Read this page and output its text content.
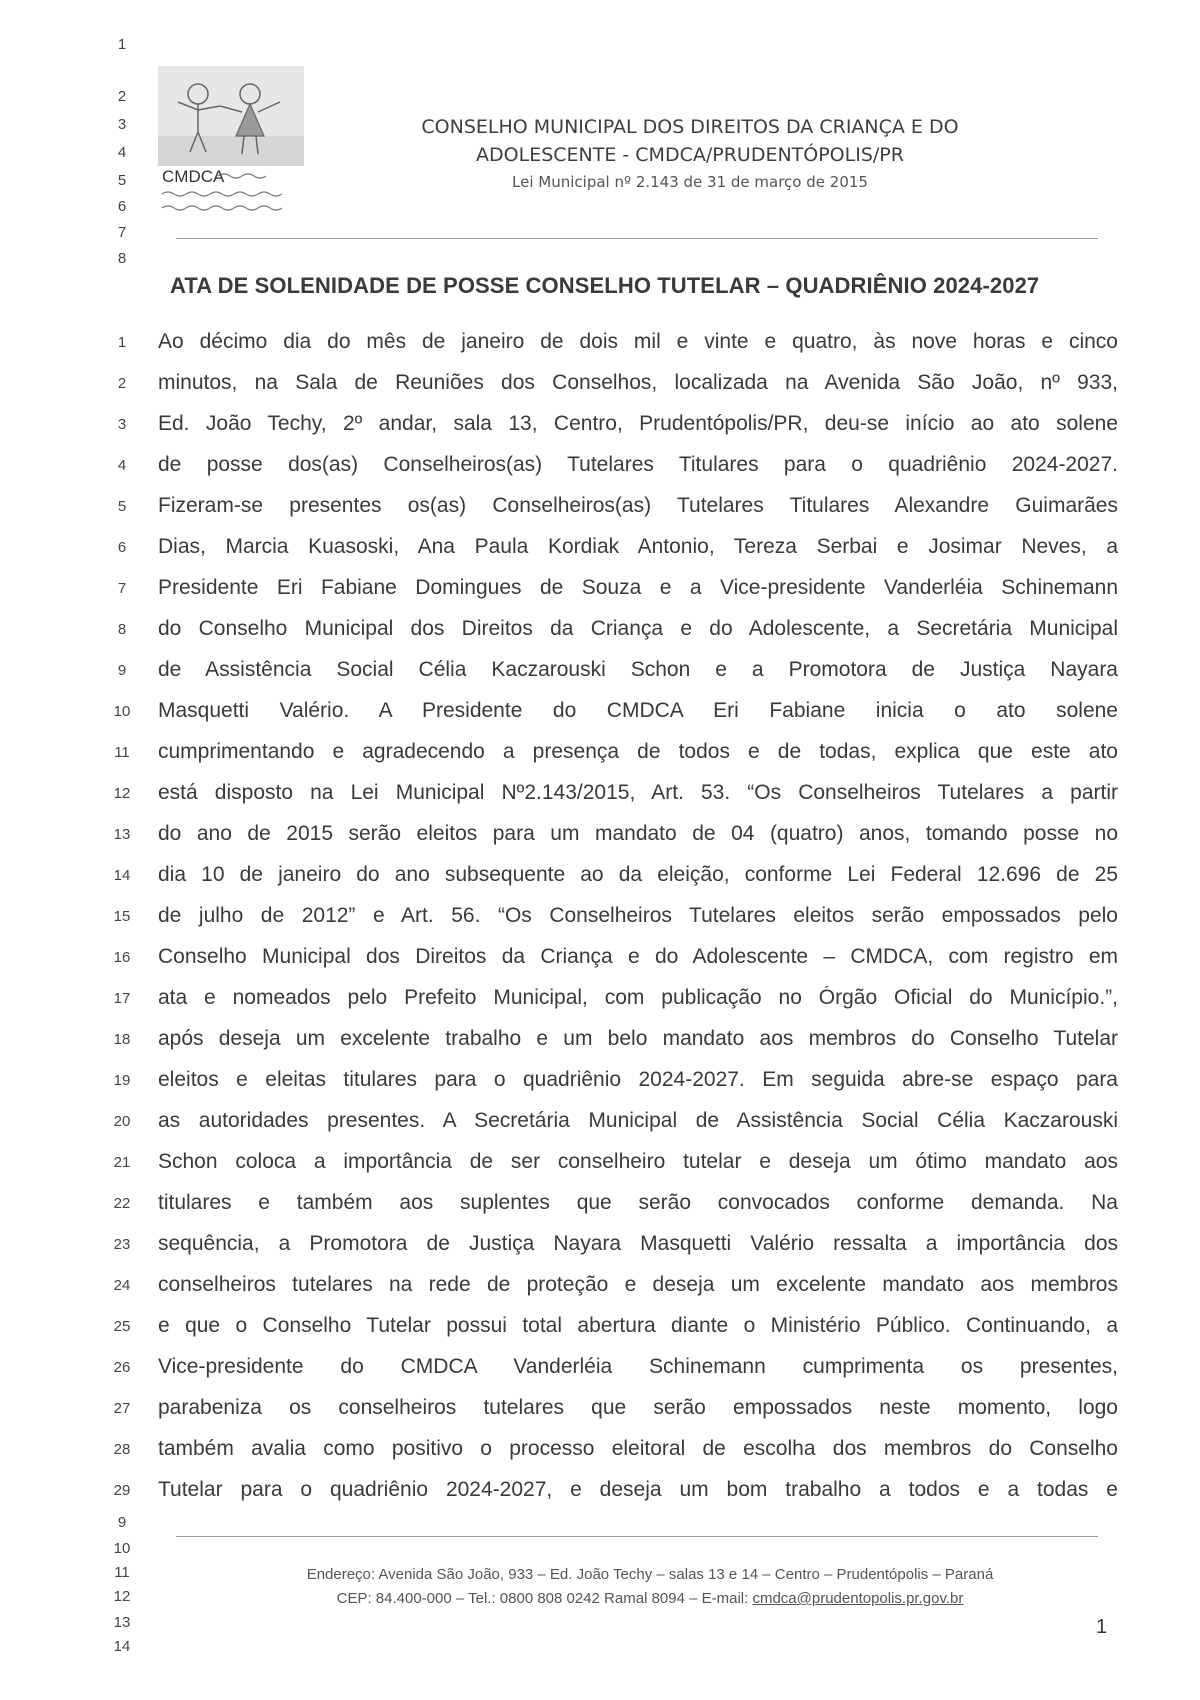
1
2
3
4
5
6
7
8
CMDCA
CONSELHO MUNICIPAL DOS DIREITOS DA CRIANÇA E DO
ADOLESCENTE - CMDCA/PRUDENTÓPOLIS/PR
Lei Municipal nº 2.143 de 31 de março de 2015
ATA DE SOLENIDADE DE POSSE CONSELHO TUTELAR – QUADRIÊNIO 2024-2027
1	Ao décimo dia do mês de janeiro de dois mil e vinte e quatro, às nove horas e cinco
2	minutos, na Sala de Reuniões dos Conselhos, localizada na Avenida São João, nº 933,
3	Ed. João Techy, 2º andar, sala 13, Centro, Prudentópolis/PR, deu-se início ao ato solene
4	de posse dos(as) Conselheiros(as) Tutelares Titulares para o quadriênio 2024-2027.
5	Fizeram-se presentes os(as) Conselheiros(as) Tutelares Titulares Alexandre Guimarães
6	Dias, Marcia Kuasoski, Ana Paula Kordiak Antonio, Tereza Serbai e Josimar Neves, a
7	Presidente Eri Fabiane Domingues de Souza e a Vice-presidente Vanderléia Schinemann
8	do Conselho Municipal dos Direitos da Criança e do Adolescente, a Secretária Municipal
9	de Assistência Social Célia Kaczarouski Schon e a Promotora de Justiça Nayara
10 Masquetti Valério. A Presidente do CMDCA Eri Fabiane inicia o ato solene
11 cumprimentando e agradecendo a presença de todos e de todas, explica que este ato
12 está disposto na Lei Municipal Nº2.143/2015, Art. 53. “Os Conselheiros Tutelares a partir
13 do ano de 2015 serão eleitos para um mandato de 04 (quatro) anos, tomando posse no
14 dia 10 de janeiro do ano subsequente ao da eleição, conforme Lei Federal 12.696 de 25
15 de julho de 2012” e Art. 56. “Os Conselheiros Tutelares eleitos serão empossados pelo
16 Conselho Municipal dos Direitos da Criança e do Adolescente – CMDCA, com registro em
17 ata e nomeados pelo Prefeito Municipal, com publicação no Órgão Oficial do Município.”,
18 após deseja um excelente trabalho e um belo mandato aos membros do Conselho Tutelar
19 eleitos e eleitas titulares para o quadriênio 2024-2027. Em seguida abre-se espaço para
20 as autoridades presentes. A Secretária Municipal de Assistência Social Célia Kaczarouski
21 Schon coloca a importância de ser conselheiro tutelar e deseja um ótimo mandato aos
22 titulares e também aos suplentes que serão convocados conforme demanda. Na
23 sequência, a Promotora de Justiça Nayara Masquetti Valério ressalta a importância dos
24 conselheiros tutelares na rede de proteção e deseja um excelente mandato aos membros
25 e que o Conselho Tutelar possui total abertura diante o Ministério Público. Continuando, a
26 Vice-presidente do CMDCA Vanderléia Schinemann cumprimenta os presentes,
27 parabeniza os conselheiros tutelares que serão empossados neste momento, logo
28 também avalia como positivo o processo eleitoral de escolha dos membros do Conselho
29 Tutelar para o quadriênio 2024-2027, e deseja um bom trabalho a todos e a todas e
9
10
11
12
13
14
Endereço: Avenida São João, 933 – Ed. João Techy – salas 13 e 14 – Centro – Prudentópolis – Paraná
CEP: 84.400-000 – Tel.: 0800 808 0242 Ramal 8094 – E-mail: cmdca@prudentopolis.pr.gov.br
1
